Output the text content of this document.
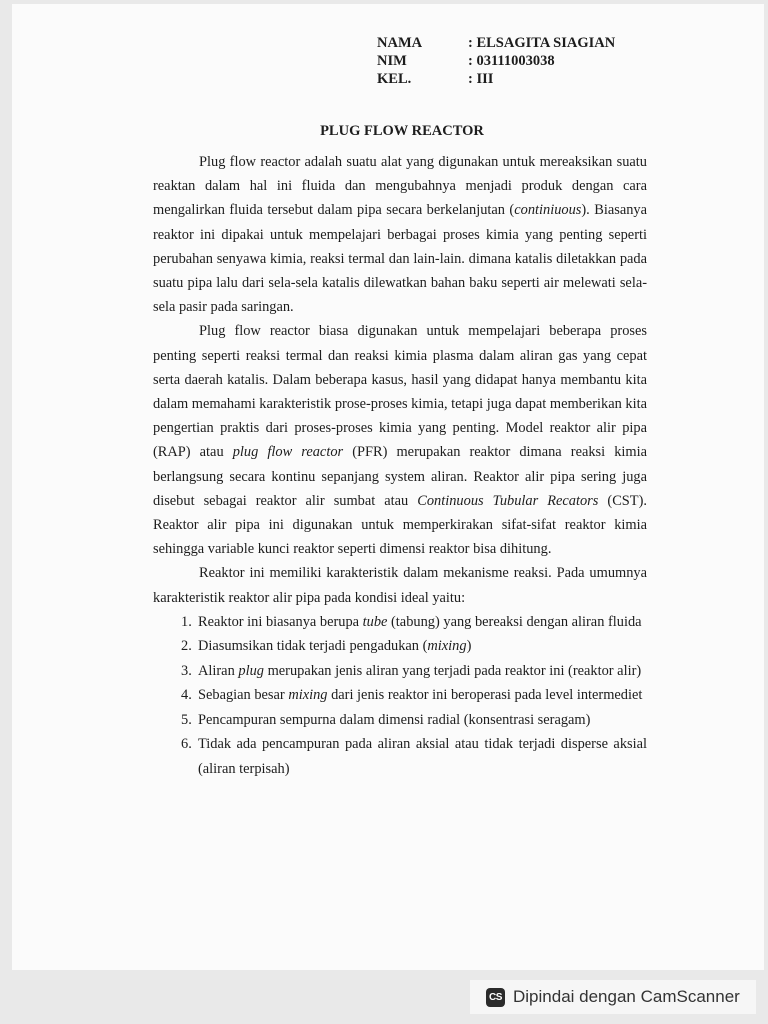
NAMA	: ELSAGITA SIAGIAN
NIM	: 03111003038
KEL.	: III
PLUG FLOW REACTOR

Plug flow reactor adalah suatu alat yang digunakan untuk mereaksikan suatu reaktan dalam hal ini fluida dan mengubahnya menjadi produk dengan cara mengalirkan fluida tersebut dalam pipa secara berkelanjutan (continiuous). Biasanya reaktor ini dipakai untuk mempelajari berbagai proses kimia yang penting seperti perubahan senyawa kimia, reaksi termal dan lain-lain. dimana katalis diletakkan pada suatu pipa lalu dari sela-sela katalis dilewatkan bahan baku seperti air melewati sela-sela pasir pada saringan.

Plug flow reactor biasa digunakan untuk mempelajari beberapa proses penting seperti reaksi termal dan reaksi kimia plasma dalam aliran gas yang cepat serta daerah katalis. Dalam beberapa kasus, hasil yang didapat hanya membantu kita dalam memahami karakteristik prose-proses kimia, tetapi juga dapat memberikan kita pengertian praktis dari proses-proses kimia yang penting. Model reaktor alir pipa (RAP) atau plug flow reactor (PFR) merupakan reaktor dimana reaksi kimia berlangsung secara kontinu sepanjang system aliran. Reaktor alir pipa sering juga disebut sebagai reaktor alir sumbat atau Continuous Tubular Recators (CST). Reaktor alir pipa ini digunakan untuk memperkirakan sifat-sifat reaktor kimia sehingga variable kunci reaktor seperti dimensi reaktor bisa dihitung.

Reaktor ini memiliki karakteristik dalam mekanisme reaksi. Pada umumnya karakteristik reaktor alir pipa pada kondisi ideal yaitu:

1. Reaktor ini biasanya berupa tube (tabung) yang bereaksi dengan aliran fluida
2. Diasumsikan tidak terjadi pengadukan (mixing)
3. Aliran plug merupakan jenis aliran yang terjadi pada reaktor ini (reaktor alir)
4. Sebagian besar mixing dari jenis reaktor ini beroperasi pada level intermediet
5. Pencampuran sempurna dalam dimensi radial (konsentrasi seragam)
6. Tidak ada pencampuran pada aliran aksial atau tidak terjadi disperse aksial (aliran terpisah)
CS Dipindai dengan CamScanner
